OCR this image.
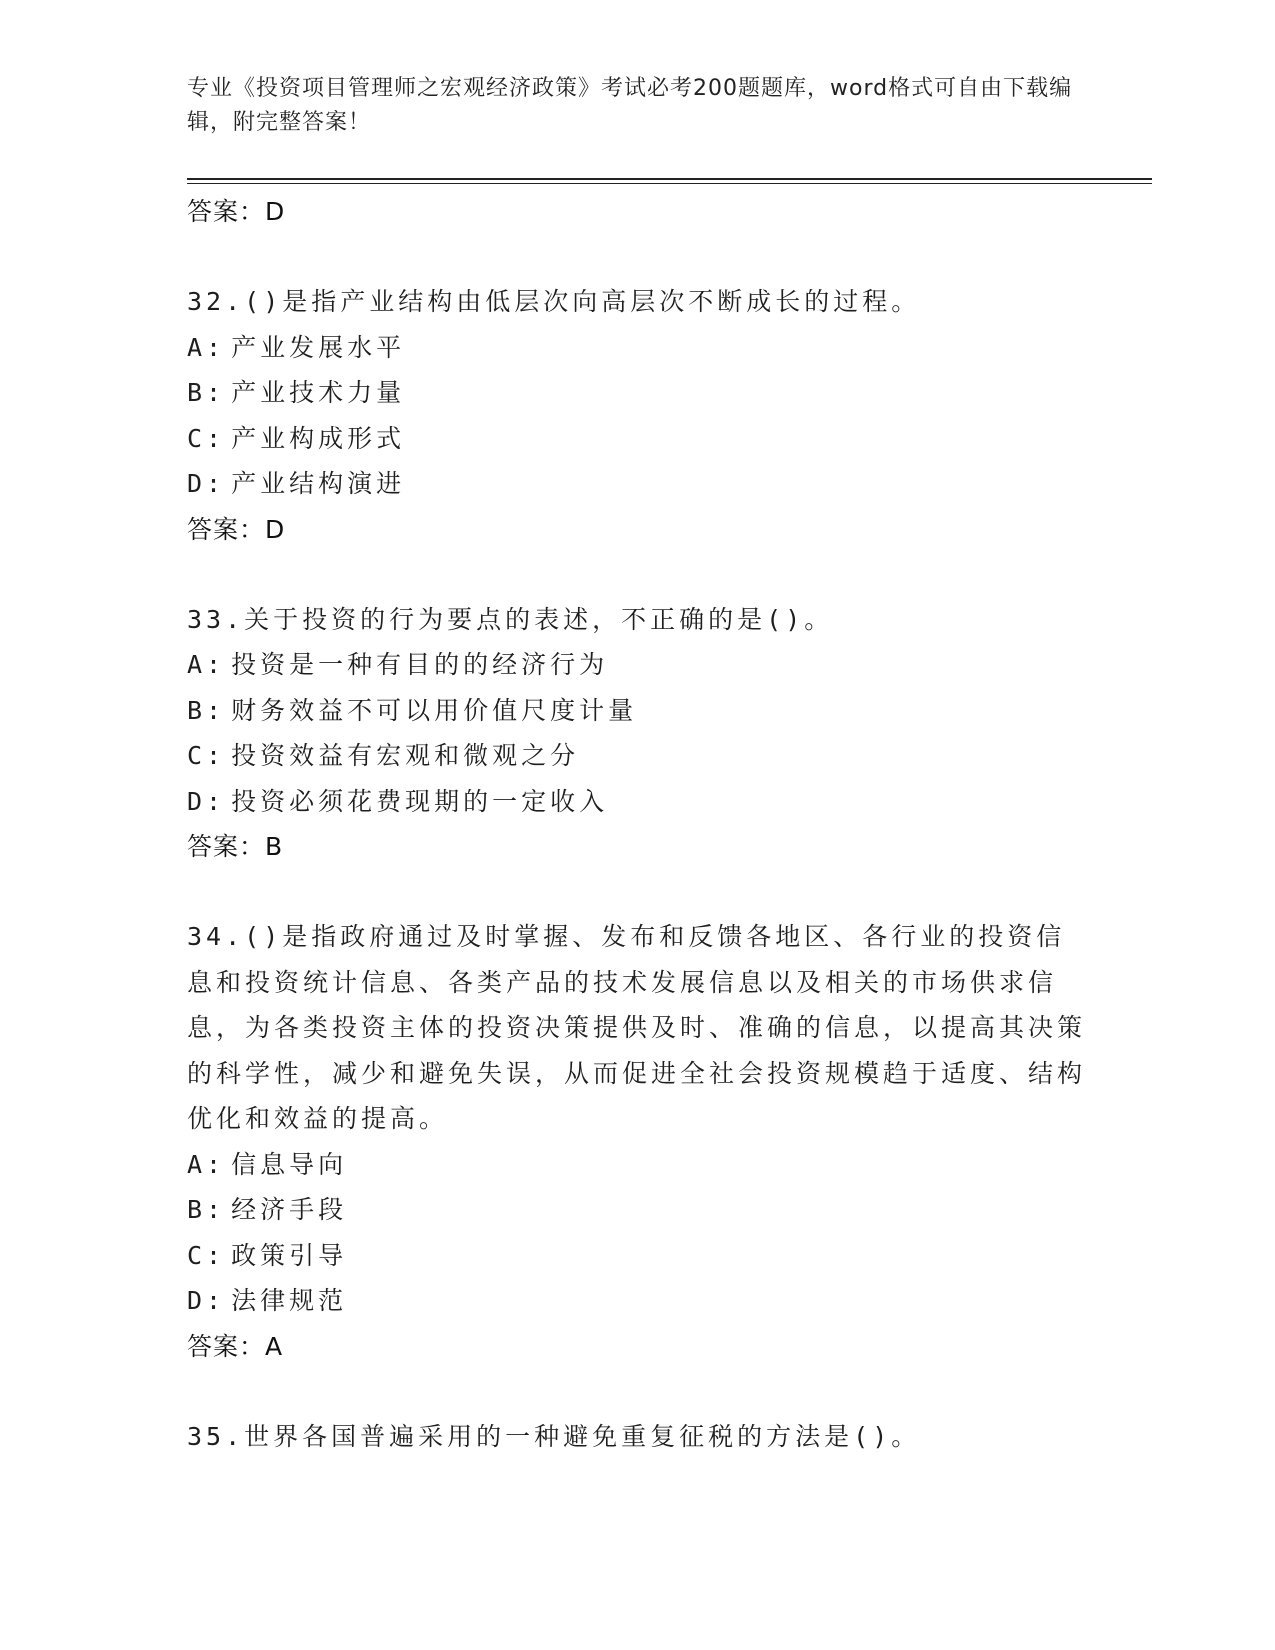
专业《投资项目管理师之宏观经济政策》考试必考200题题库，word格式可自由下载编辑，附完整答案！
答案：D
32.()是指产业结构由低层次向高层次不断成长的过程。
A: 产业发展水平
B: 产业技术力量
C: 产业构成形式
D: 产业结构演进
答案：D
33.关于投资的行为要点的表述，不正确的是()。
A: 投资是一种有目的的经济行为
B: 财务效益不可以用价值尺度计量
C: 投资效益有宏观和微观之分
D: 投资必须花费现期的一定收入
答案：B
34.()是指政府通过及时掌握、发布和反馈各地区、各行业的投资信息和投资统计信息、各类产品的技术发展信息以及相关的市场供求信息，为各类投资主体的投资决策提供及时、准确的信息，以提高其决策的科学性，减少和避免失误，从而促进全社会投资规模趋于适度、结构优化和效益的提高。
A: 信息导向
B: 经济手段
C: 政策引导
D: 法律规范
答案：A
35.世界各国普遍采用的一种避免重复征税的方法是()。
